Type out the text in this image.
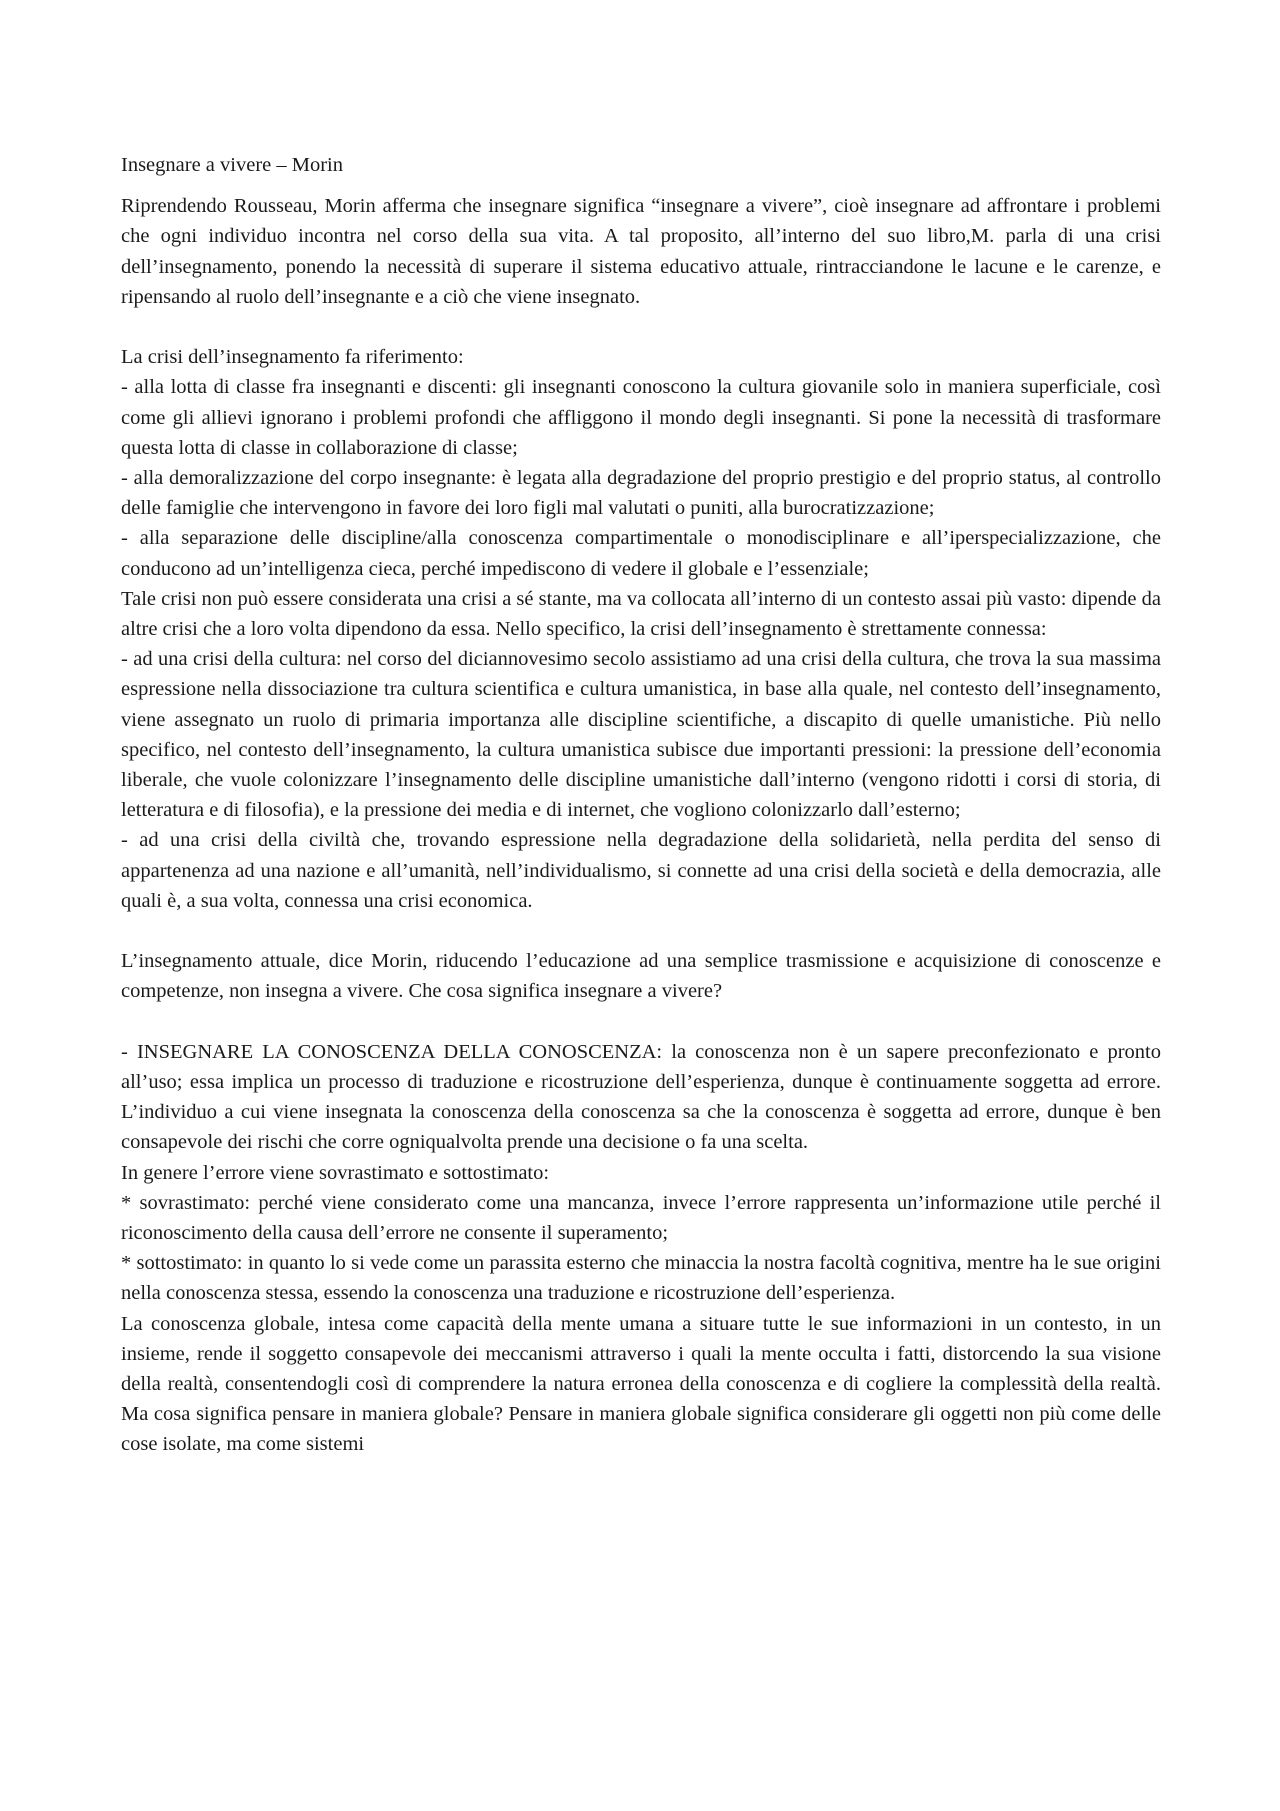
Insegnare a vivere – Morin

Riprendendo Rousseau, Morin afferma che insegnare significa “insegnare a vivere”, cioè insegnare ad affrontare i problemi che ogni individuo incontra nel corso della sua vita. A tal proposito, all’interno del suo libro,M. parla di una crisi dell’insegnamento, ponendo la necessità di superare il sistema educativo attuale, rintracciandone le lacune e le carenze, e ripensando al ruolo dell’insegnante e a ciò che viene insegnato.

La crisi dell’insegnamento fa riferimento:

- alla lotta di classe fra insegnanti e discenti: gli insegnanti conoscono la cultura giovanile solo in maniera superficiale, così come gli allievi ignorano i problemi profondi che affliggono il mondo degli insegnanti. Si pone la necessità di trasformare questa lotta di classe in collaborazione di classe;

- alla demoralizzazione del corpo insegnante: è legata alla degradazione del proprio prestigio e del proprio status, al controllo delle famiglie che intervengono in favore dei loro figli mal valutati o puniti, alla burocratizzazione;

- alla separazione delle discipline/alla conoscenza compartimentale o monodisciplinare e all’iperspecializzazione, che conducono ad un’intelligenza cieca, perché impediscono di vedere il globale e l’essenziale;

Tale crisi non può essere considerata una crisi a sé stante, ma va collocata all’interno di un contesto assai più vasto: dipende da altre crisi che a loro volta dipendono da essa. Nello specifico, la crisi dell’insegnamento è strettamente connessa:

- ad una crisi della cultura: nel corso del diciannovesimo secolo assistiamo ad una crisi della cultura, che trova la sua massima espressione nella dissociazione tra cultura scientifica e cultura umanistica, in base alla quale, nel contesto dell’insegnamento, viene assegnato un ruolo di primaria importanza alle discipline scientifiche, a discapito di quelle umanistiche. Più nello specifico, nel contesto dell’insegnamento, la cultura umanistica subisce due importanti pressioni: la pressione dell’economia liberale, che vuole colonizzare l’insegnamento delle discipline umanistiche dall’interno (vengono ridotti i corsi di storia, di letteratura e di filosofia), e la pressione dei media e di internet, che vogliono colonizzarlo dall’esterno;

- ad una crisi della civiltà che, trovando espressione nella degradazione della solidarietà, nella perdita del senso di appartenenza ad una nazione e all’umanità, nell’individualismo, si connette ad una crisi della società e della democrazia, alle quali è, a sua volta, connessa una crisi economica.

L’insegnamento attuale, dice Morin, riducendo l’educazione ad una semplice trasmissione e acquisizione di conoscenze e competenze, non insegna a vivere. Che cosa significa insegnare a vivere?

- INSEGNARE LA CONOSCENZA DELLA CONOSCENZA: la conoscenza non è un sapere preconfezionato e pronto all’uso; essa implica un processo di traduzione e ricostruzione dell’esperienza, dunque è continuamente soggetta ad errore. L’individuo a cui viene insegnata la conoscenza della conoscenza sa che la conoscenza è soggetta ad errore, dunque è ben consapevole dei rischi che corre ogniqualvolta prende una decisione o fa una scelta.

In genere l’errore viene sovrastimato e sottostimato:

* sovrastimato: perché viene considerato come una mancanza, invece l’errore rappresenta un’informazione utile perché il riconoscimento della causa dell’errore ne consente il superamento;

* sottostimato: in quanto lo si vede come un parassita esterno che minaccia la nostra facoltà cognitiva, mentre ha le sue origini nella conoscenza stessa, essendo la conoscenza una traduzione e ricostruzione dell’esperienza.

La conoscenza globale, intesa come capacità della mente umana a situare tutte le sue informazioni in un contesto, in un insieme, rende il soggetto consapevole dei meccanismi attraverso i quali la mente occulta i fatti, distorcendo la sua visione della realtà, consentendogli così di comprendere la natura erronea della conoscenza e di cogliere la complessità della realtà. Ma cosa significa pensare in maniera globale? Pensare in maniera globale significa considerare gli oggetti non più come delle cose isolate, ma come sistemi
